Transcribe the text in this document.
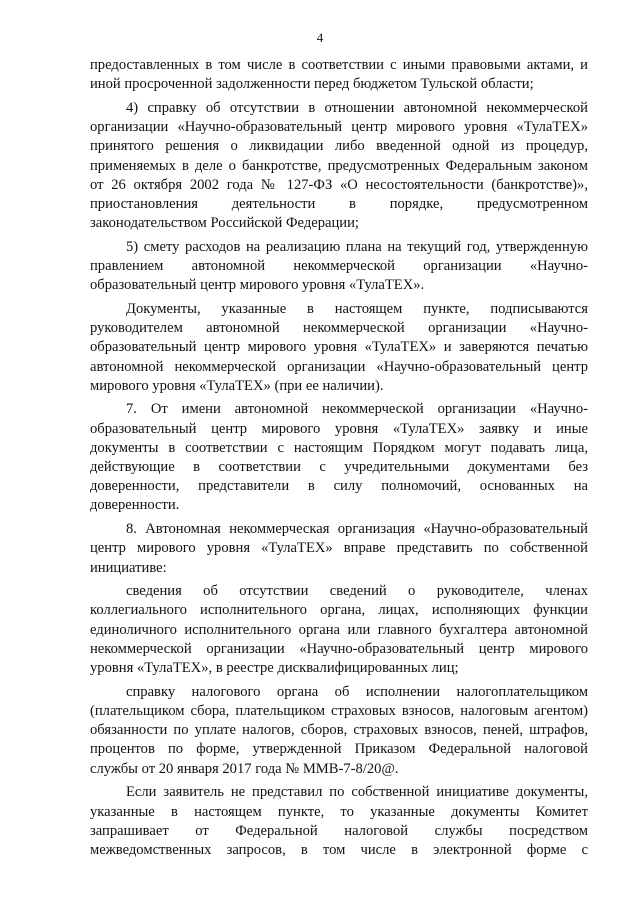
4
предоставленных в том числе в соответствии с иными правовыми актами, и
иной просроченной задолженности перед бюджетом Тульской области;
4) справку об отсутствии в отношении автономной некоммерческой
организации «Научно-образовательный центр мирового уровня «ТулаТЕХ»
принятого решения о ликвидации либо введенной одной из процедур,
применяемых в деле о банкротстве, предусмотренных Федеральным законом
от 26 октября 2002 года № 127-ФЗ «О несостоятельности (банкротстве)»,
приостановления деятельности в порядке, предусмотренном
законодательством Российской Федерации;
5) смету расходов на реализацию плана на текущий год, утвержденную
правлением автономной некоммерческой организации «Научно-
образовательный центр мирового уровня «ТулаТЕХ».
Документы, указанные в настоящем пункте, подписываются
руководителем автономной некоммерческой организации «Научно-
образовательный центр мирового уровня «ТулаТЕХ» и заверяются печатью
автономной некоммерческой организации «Научно-образовательный центр
мирового уровня «ТулаТЕХ» (при ее наличии).
7. От имени автономной некоммерческой организации «Научно-
образовательный центр мирового уровня «ТулаТЕХ» заявку и иные
документы в соответствии с настоящим Порядком могут подавать лица,
действующие в соответствии с учредительными документами без
доверенности, представители в силу полномочий, основанных на
доверенности.
8. Автономная некоммерческая организация «Научно-образовательный
центр мирового уровня «ТулаТЕХ» вправе представить по собственной
инициативе:
сведения об отсутствии сведений о руководителе, членах
коллегиального исполнительного органа, лицах, исполняющих функции
единоличного исполнительного органа или главного бухгалтера автономной
некоммерческой организации «Научно-образовательный центр мирового
уровня «ТулаТЕХ», в реестре дисквалифицированных лиц;
справку налогового органа об исполнении налогоплательщиком
(плательщиком сбора, плательщиком страховых взносов, налоговым агентом)
обязанности по уплате налогов, сборов, страховых взносов, пеней, штрафов,
процентов по форме, утвержденной Приказом Федеральной налоговой
службы от 20 января 2017 года № ММВ-7-8/20@.
Если заявитель не представил по собственной инициативе документы,
указанные в настоящем пункте, то указанные документы Комитет
запрашивает от Федеральной налоговой службы посредством
межведомственных запросов, в том числе в электронной форме с
